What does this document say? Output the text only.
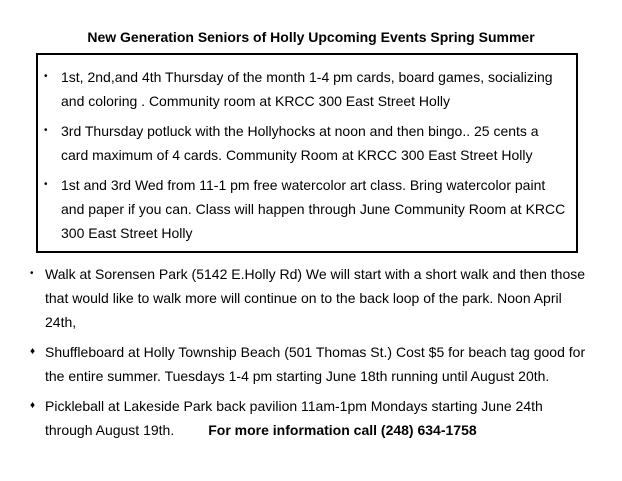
New Generation Seniors of Holly Upcoming Events Spring Summer
• 1st, 2nd,and 4th Thursday of the month 1-4 pm cards, board games, socializing and coloring . Community room at KRCC 300 East Street Holly
• 3rd Thursday potluck with the Hollyhocks at noon and then bingo.. 25 cents a card maximum of 4 cards. Community Room at KRCC 300 East Street Holly
• 1st and 3rd Wed from 11-1 pm free watercolor art class. Bring watercolor paint and paper if you can. Class will happen through June Community Room at KRCC 300 East Street Holly
• Walk at Sorensen Park (5142 E.Holly Rd) We will start with a short walk and then those that would like to walk more will continue on to the back loop of the park. Noon April 24th,
♦ Shuffleboard at Holly Township Beach (501 Thomas St.) Cost $5 for beach tag good for the entire summer. Tuesdays 1-4 pm starting June 18th running until August 20th.
♦ Pickleball at Lakeside Park back pavilion 11am-1pm Mondays starting June 24th through August 19th. For more information call (248) 634-1758
